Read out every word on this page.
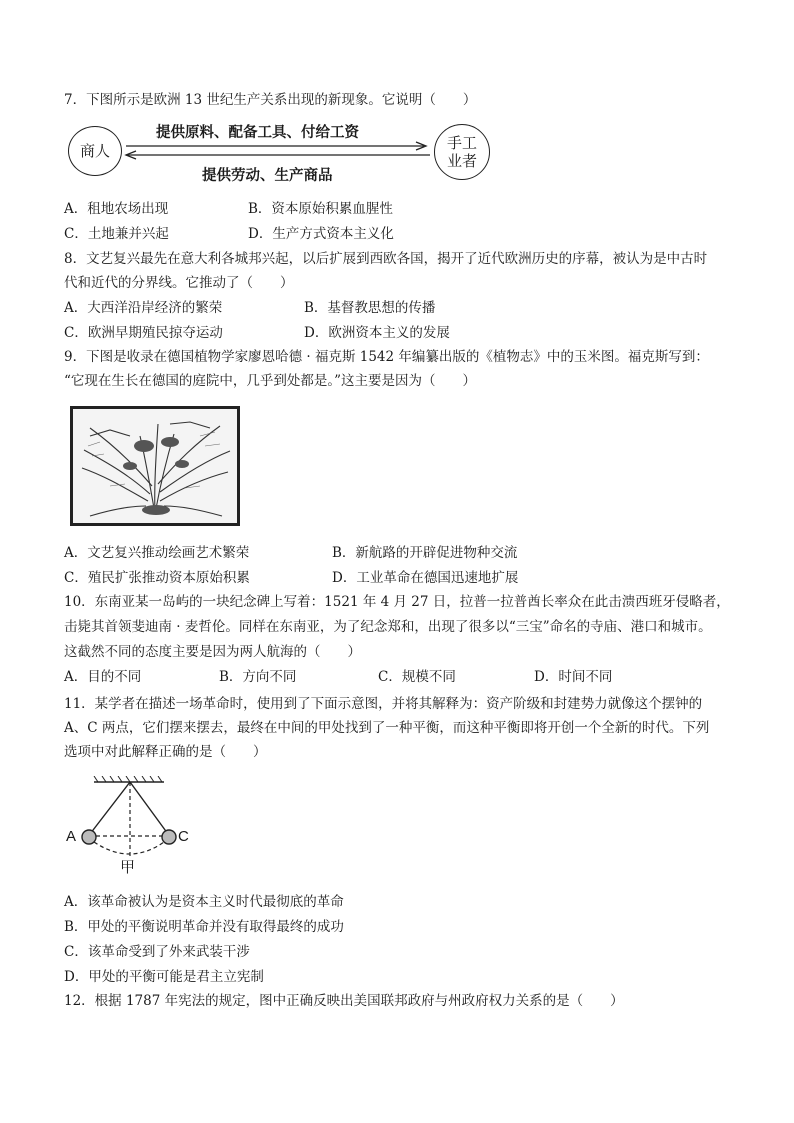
7．下图所示是欧洲 13 世纪生产关系出现的新现象。它说明（　　）
商人	手工
业者
提供原料、配备工具、付给工资
提供劳动、生产商品
A．租地农场出现	B．资本原始积累血腥性
C．土地兼并兴起	D．生产方式资本主义化
8．文艺复兴最先在意大利各城邦兴起，以后扩展到西欧各国，揭开了近代欧洲历史的序幕，被认为是中古时
代和近代的分界线。它推动了（　　）
A．大西洋沿岸经济的繁荣	B．基督教思想的传播
C．欧洲早期殖民掠夺运动	D．欧洲资本主义的发展
9．下图是收录在德国植物学家廖恩哈德 · 福克斯 1542 年编纂出版的《植物志》中的玉米图。福克斯写到：
“它现在生长在德国的庭院中，几乎到处都是。”这主要是因为（　　）
A．文艺复兴推动绘画艺术繁荣	B．新航路的开辟促进物种交流
C．殖民扩张推动资本原始积累	D．工业革命在德国迅速地扩展
10．东南亚某一岛屿的一块纪念碑上写着：1521 年 4 月 27 日，拉普一拉普酋长率众在此击溃西班牙侵略者，
击毙其首领斐迪南 · 麦哲伦。同样在东南亚，为了纪念郑和，出现了很多以“三宝”命名的寺庙、港口和城市。
这截然不同的态度主要是因为两人航海的（　　）
A．目的不同	B．方向不同	C．规模不同	D．时间不同
11．某学者在描述一场革命时，使用到了下面示意图，并将其解释为：资产阶级和封建势力就像这个摆钟的
A、C 两点，它们摆来摆去，最终在中间的甲处找到了一种平衡，而这种平衡即将开创一个全新的时代。下列
选项中对此解释正确的是（　　）
A	C
甲
A．该革命被认为是资本主义时代最彻底的革命
B．甲处的平衡说明革命并没有取得最终的成功
C．该革命受到了外来武装干涉
D．甲处的平衡可能是君主立宪制
12．根据 1787 年宪法的规定，图中正确反映出美国联邦政府与州政府权力关系的是（　　）
